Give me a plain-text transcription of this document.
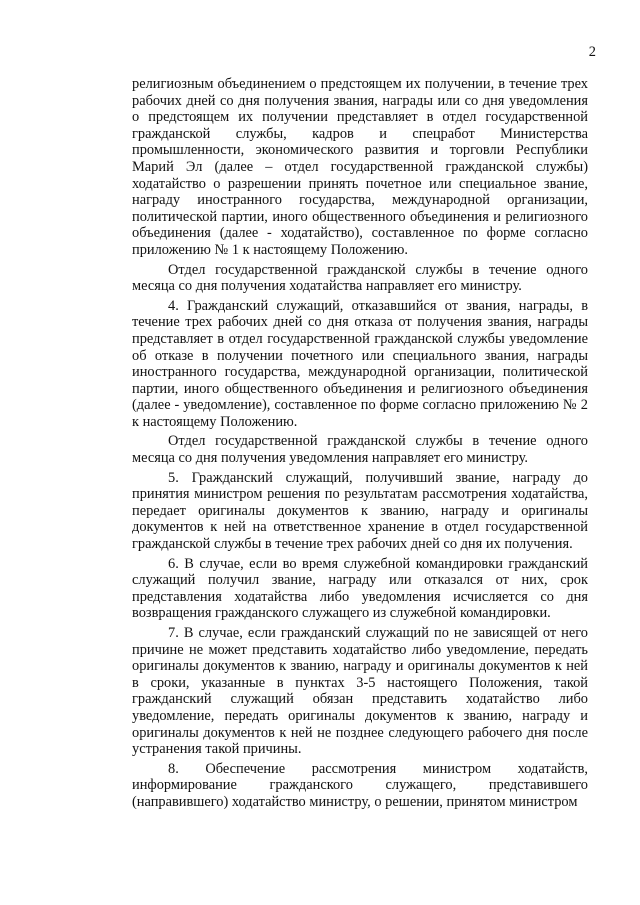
2

религиозным объединением о предстоящем их получении, в течение трех рабочих дней со дня получения звания, награды или со дня уведомления о предстоящем их получении представляет в отдел государственной гражданской службы, кадров и спецработ Министерства промышленности, экономического развития и торговли Республики Марий Эл (далее – отдел государственной гражданской службы) ходатайство о разрешении принять почетное или специальное звание, награду иностранного государства, международной организации, политической партии, иного общественного объединения и религиозного объединения (далее - ходатайство), составленное по форме согласно приложению № 1 к настоящему Положению.

Отдел государственной гражданской службы в течение одного месяца со дня получения ходатайства направляет его министру.

4. Гражданский служащий, отказавшийся от звания, награды, в течение трех рабочих дней со дня отказа от получения звания, награды представляет в отдел государственной гражданской службы уведомление об отказе в получении почетного или специального звания, награды иностранного государства, международной организации, политической партии, иного общественного объединения и религиозного объединения (далее - уведомление), составленное по форме согласно приложению № 2 к настоящему Положению.

Отдел государственной гражданской службы в течение одного месяца со дня получения уведомления направляет его министру.

5. Гражданский служащий, получивший звание, награду до принятия министром решения по результатам рассмотрения ходатайства, передает оригиналы документов к званию, награду и оригиналы документов к ней на ответственное хранение в отдел государственной гражданской службы в течение трех рабочих дней со дня их получения.

6. В случае, если во время служебной командировки гражданский служащий получил звание, награду или отказался от них, срок представления ходатайства либо уведомления исчисляется со дня возвращения гражданского служащего из служебной командировки.

7. В случае, если гражданский служащий по не зависящей от него причине не может представить ходатайство либо уведомление, передать оригиналы документов к званию, награду и оригиналы документов к ней в сроки, указанные в пунктах 3-5 настоящего Положения, такой гражданский служащий обязан представить ходатайство либо уведомление, передать оригиналы документов к званию, награду и оригиналы документов к ней не позднее следующего рабочего дня после устранения такой причины.

8. Обеспечение рассмотрения министром ходатайств, информирование гражданского служащего, представившего (направившего) ходатайство министру, о решении, принятом министром
